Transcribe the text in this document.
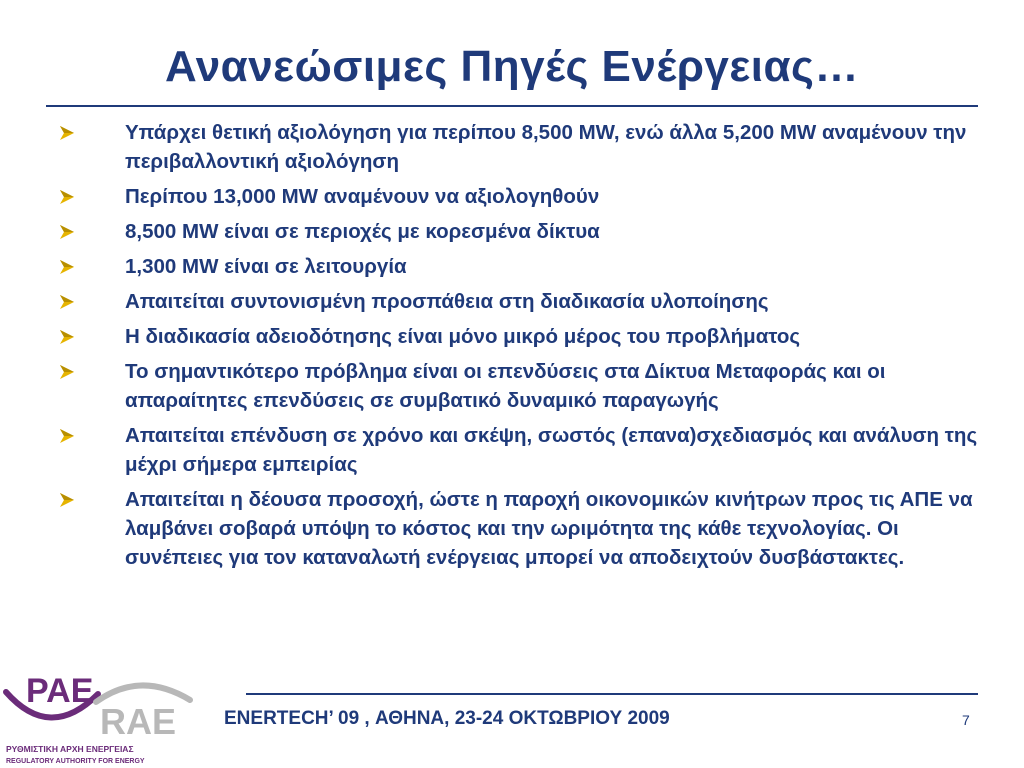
Ανανεώσιμες Πηγές Ενέργειας…
Υπάρχει θετική αξιολόγηση για περίπου 8,500 MW, ενώ άλλα 5,200 MW αναμένουν την περιβαλλοντική αξιολόγηση
Περίπου 13,000 MW αναμένουν να αξιολογηθούν
8,500 MW είναι σε περιοχές με κορεσμένα δίκτυα
1,300 MW είναι σε λειτουργία
Απαιτείται συντονισμένη προσπάθεια στη διαδικασία υλοποίησης
Η διαδικασία αδειοδότησης είναι μόνο μικρό μέρος του προβλήματος
Το σημαντικότερο πρόβλημα είναι οι επενδύσεις στα Δίκτυα Μεταφοράς και οι απαραίτητες επενδύσεις σε συμβατικό δυναμικό παραγωγής
Απαιτείται επένδυση σε χρόνο και σκέψη, σωστός (επανα)σχεδιασμός και ανάλυση της μέχρι σήμερα εμπειρίας
Απαιτείται η δέουσα προσοχή, ώστε η παροχή οικονομικών κινήτρων προς τις ΑΠΕ να λαμβάνει σοβαρά υπόψη το κόστος και την ωριμότητα της κάθε τεχνολογίας. Οι συνέπειες για τον καταναλωτή ενέργειας μπορεί να αποδειχτούν δυσβάστακτες.
ΡΑΕ
RAE
ΡΥΘΜΙΣΤΙΚΗ ΑΡΧΗ ΕΝΕΡΓΕΙΑΣ
REGULATORY AUTHORITY FOR ENERGY
ENERTECH’ 09 , ΑΘΗΝΑ, 23-24 ΟΚΤΩΒΡΙΟΥ 2009	7
